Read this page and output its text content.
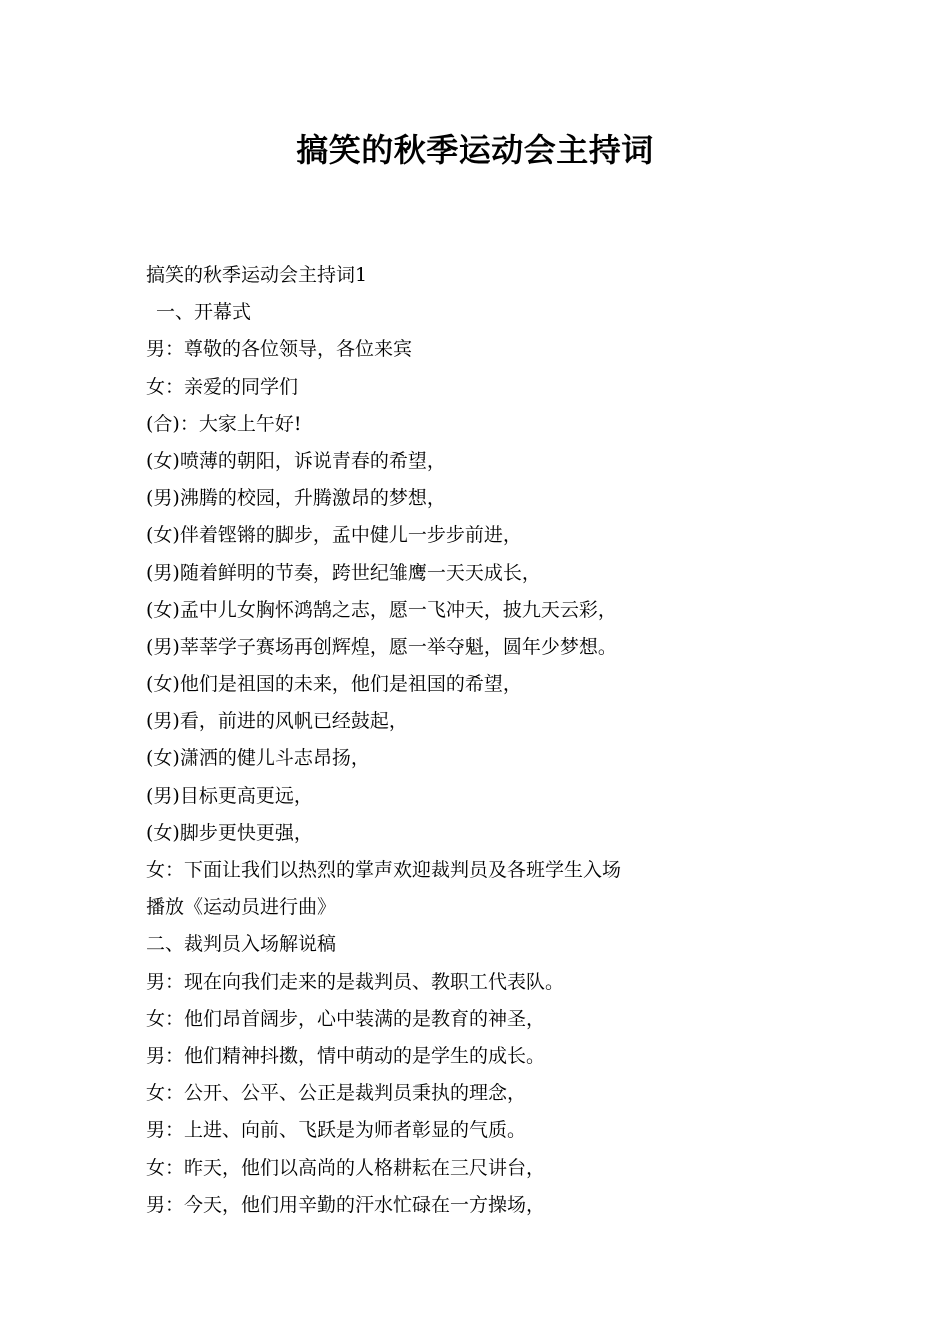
搞笑的秋季运动会主持词
搞笑的秋季运动会主持词1
一、开幕式
男：尊敬的各位领导，各位来宾
女：亲爱的同学们
(合)：大家上午好!
(女)喷薄的朝阳，诉说青春的希望，
(男)沸腾的校园，升腾激昂的梦想，
(女)伴着铿锵的脚步，孟中健儿一步步前进，
(男)随着鲜明的节奏，跨世纪雏鹰一天天成长，
(女)孟中儿女胸怀鸿鹄之志，愿一飞冲天，披九天云彩，
(男)莘莘学子赛场再创辉煌，愿一举夺魁，圆年少梦想。
(女)他们是祖国的未来，他们是祖国的希望，
(男)看，前进的风帆已经鼓起，
(女)潇洒的健儿斗志昂扬，
(男)目标更高更远，
(女)脚步更快更强，
女：下面让我们以热烈的掌声欢迎裁判员及各班学生入场
播放《运动员进行曲》
二、裁判员入场解说稿
男：现在向我们走来的是裁判员、教职工代表队。
女：他们昂首阔步，心中装满的是教育的神圣，
男：他们精神抖擞，情中萌动的是学生的成长。
女：公开、公平、公正是裁判员秉执的理念，
男：上进、向前、飞跃是为师者彰显的气质。
女：昨天，他们以高尚的人格耕耘在三尺讲台，
男：今天，他们用辛勤的汗水忙碌在一方操场，
